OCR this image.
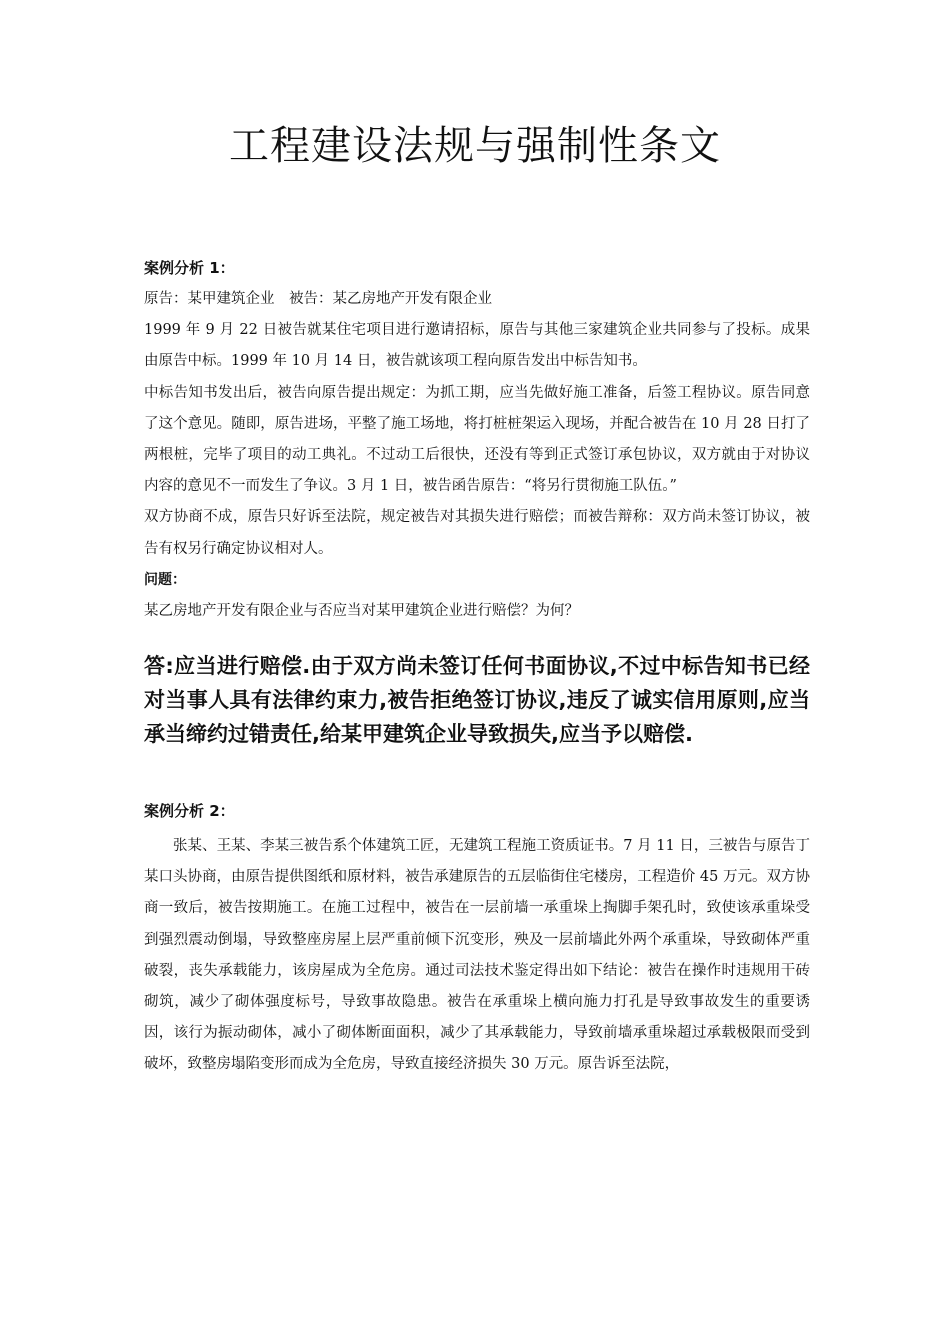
工程建设法规与强制性条文

案例分析 1：

原告：某甲建筑企业　被告：某乙房地产开发有限企业

1999 年 9 月 22 日被告就某住宅项目进行邀请招标，原告与其他三家建筑企业共同参与了投标。成果由原告中标。1999 年 10 月 14 日，被告就该项工程向原告发出中标告知书。

中标告知书发出后，被告向原告提出规定：为抓工期，应当先做好施工准备，后签工程协议。原告同意了这个意见。随即，原告进场，平整了施工场地，将打桩桩架运入现场，并配合被告在 10 月 28 日打了两根桩，完毕了项目的动工典礼。不过动工后很快，还没有等到正式签订承包协议，双方就由于对协议内容的意见不一而发生了争议。3 月 1 日，被告函告原告：“将另行贯彻施工队伍。”

双方协商不成，原告只好诉至法院，规定被告对其损失进行赔偿；而被告辩称：双方尚未签订协议，被告有权另行确定协议相对人。

问题：

某乙房地产开发有限企业与否应当对某甲建筑企业进行赔偿？为何？

答:应当进行赔偿.由于双方尚未签订任何书面协议,不过中标告知书已经对当事人具有法律约束力,被告拒绝签订协议,违反了诚实信用原则,应当承当缔约过错责任,给某甲建筑企业导致损失,应当予以赔偿.

案例分析 2：

张某、王某、李某三被告系个体建筑工匠，无建筑工程施工资质证书。7 月 11 日，三被告与原告丁某口头协商，由原告提供图纸和原材料，被告承建原告的五层临街住宅楼房，工程造价 45 万元。双方协商一致后，被告按期施工。在施工过程中，被告在一层前墙一承重垛上掏脚手架孔时，致使该承重垛受到强烈震动倒塌，导致整座房屋上层严重前倾下沉变形，殃及一层前墙此外两个承重垛，导致砌体严重破裂，丧失承载能力，该房屋成为全危房。通过司法技术鉴定得出如下结论：被告在操作时违规用干砖砌筑，减少了砌体强度标号，导致事故隐患。被告在承重垛上横向施力打孔是导致事故发生的重要诱因，该行为振动砌体，减小了砌体断面面积，减少了其承载能力，导致前墙承重垛超过承载极限而受到破坏，致整房塌陷变形而成为全危房，导致直接经济损失 30 万元。原告诉至法院，
